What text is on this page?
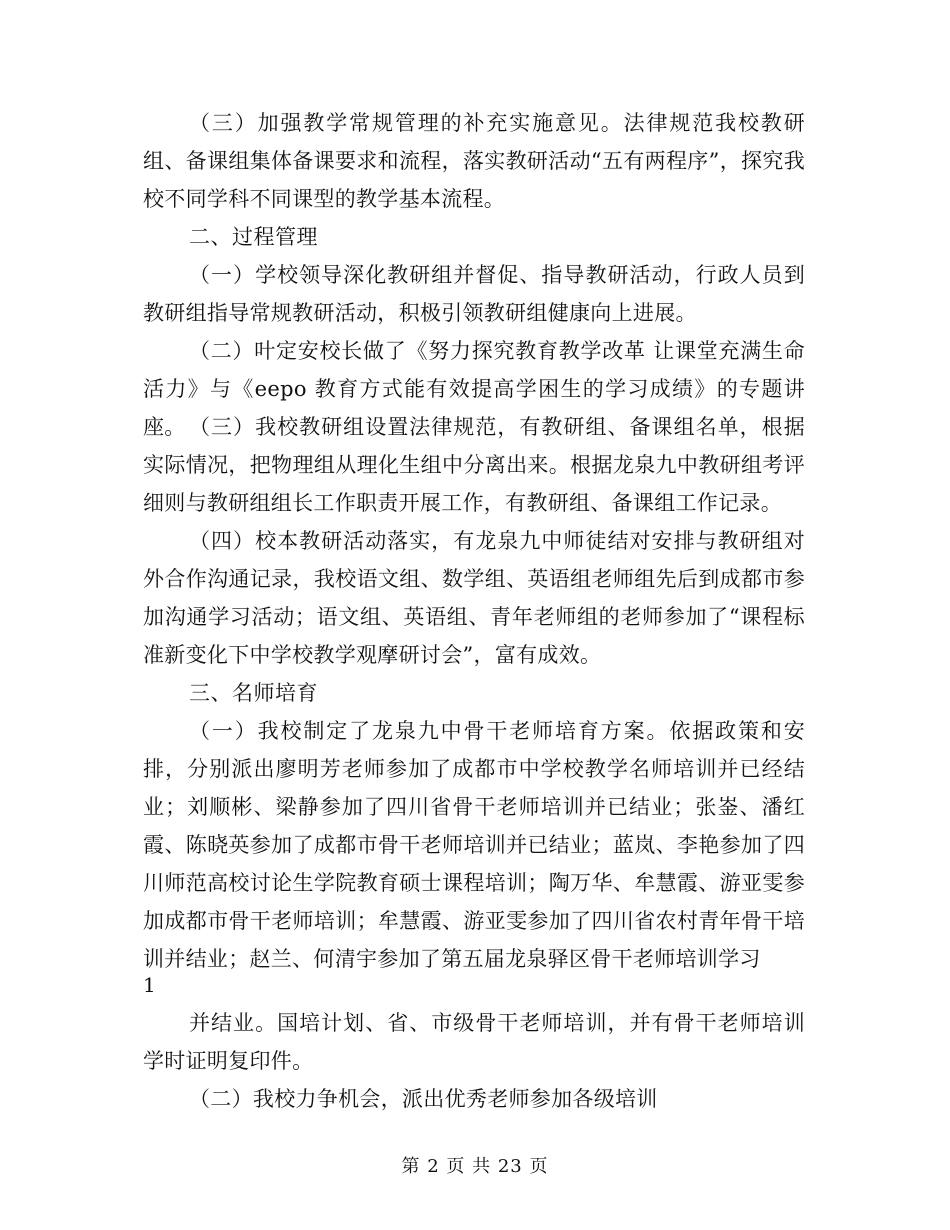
（三）加强教学常规管理的补充实施意见。法律规范我校教研组、备课组集体备课要求和流程，落实教研活动“五有两程序”，探究我校不同学科不同课型的教学基本流程。

二、过程管理

（一）学校领导深化教研组并督促、指导教研活动，行政人员到教研组指导常规教研活动，积极引领教研组健康向上进展。

（二）叶定安校长做了《努力探究教育教学改革 让课堂充满生命活力》与《eepo 教育方式能有效提高学困生的学习成绩》的专题讲座。 （三）我校教研组设置法律规范，有教研组、备课组名单，根据实际情况，把物理组从理化生组中分离出来。根据龙泉九中教研组考评细则与教研组组长工作职责开展工作，有教研组、备课组工作记录。

（四）校本教研活动落实，有龙泉九中师徒结对安排与教研组对外合作沟通记录，我校语文组、数学组、英语组老师组先后到成都市参加沟通学习活动；语文组、英语组、青年老师组的老师参加了“课程标准新变化下中学校教学观摩研讨会”，富有成效。

三、名师培育

（一）我校制定了龙泉九中骨干老师培育方案。依据政策和安排，分别派出廖明芳老师参加了成都市中学校教学名师培训并已经结业；刘顺彬、梁静参加了四川省骨干老师培训并已结业；张崟、潘红霞、陈晓英参加了成都市骨干老师培训并已结业；蓝岚、李艳参加了四川师范高校讨论生学院教育硕士课程培训；陶万华、牟慧霞、游亚雯参加成都市骨干老师培训；牟慧霞、游亚雯参加了四川省农村青年骨干培训并结业；赵兰、何清宇参加了第五届龙泉驿区骨干老师培训学习

1

并结业。国培计划、省、市级骨干老师培训，并有骨干老师培训学时证明复印件。

（二）我校力争机会，派出优秀老师参加各级培训

第 2 页 共 23 页
